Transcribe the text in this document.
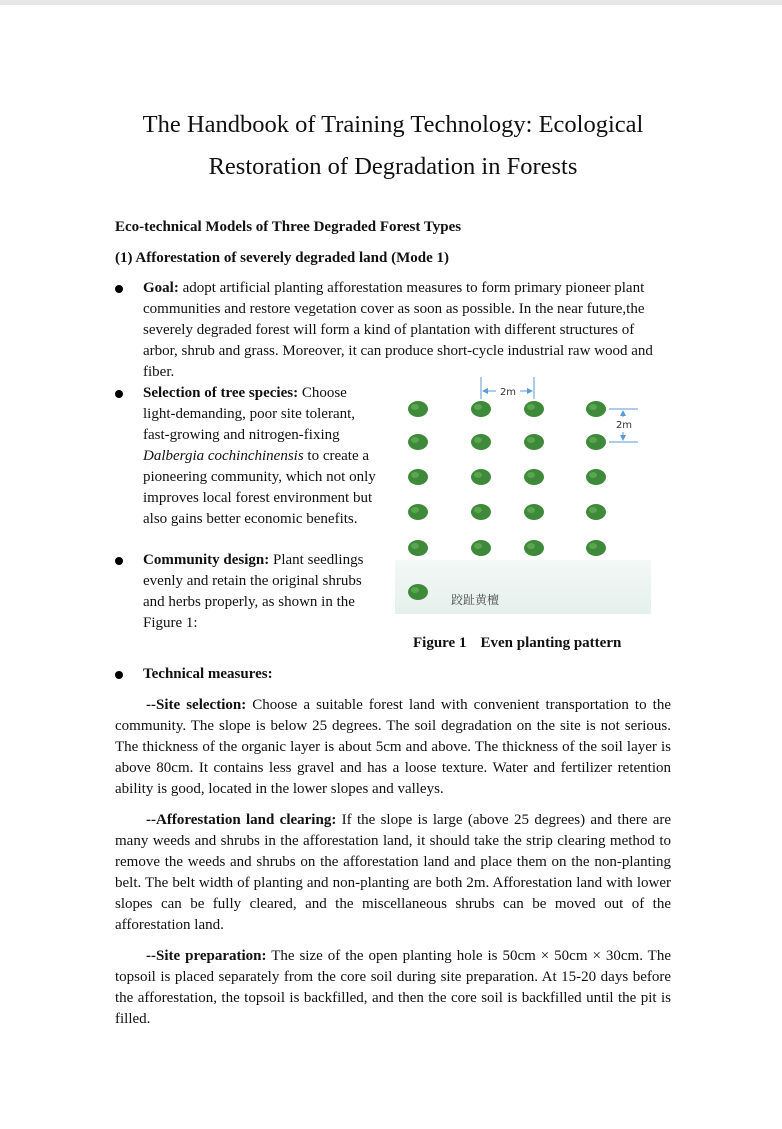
The Handbook of Training Technology: Ecological
Restoration of Degradation in Forests
Eco-technical Models of Three Degraded Forest Types
(1) Afforestation of severely degraded land (Mode 1)
Goal: adopt artificial planting afforestation measures to form primary pioneer plant communities and restore vegetation cover as soon as possible. In the near future,the severely degraded forest will form a kind of plantation with different structures of arbor, shrub and grass. Moreover, it can produce short-cycle industrial raw wood and fiber.
Selection of tree species: Choose light-demanding, poor site tolerant, fast-growing and nitrogen-fixing Dalbergia cochinchinensis to create a pioneering community, which not only improves local forest environment but also gains better economic benefits.
Community design: Plant seedlings evenly and retain the original shrubs and herbs properly, as shown in the Figure 1:
Technical measures:
--Site selection: Choose a suitable forest land with convenient transportation to the community. The slope is below 25 degrees. The soil degradation on the site is not serious. The thickness of the organic layer is about 5cm and above. The thickness of the soil layer is above 80cm. It contains less gravel and has a loose texture. Water and fertilizer retention ability is good, located in the lower slopes and valleys.
--Afforestation land clearing: If the slope is large (above 25 degrees) and there are many weeds and shrubs in the afforestation land, it should take the strip clearing method to remove the weeds and shrubs on the afforestation land and place them on the non-planting belt. The belt width of planting and non-planting are both 2m. Afforestation land with lower slopes can be fully cleared, and the miscellaneous shrubs can be moved out of the afforestation land.
--Site preparation: The size of the open planting hole is 50cm × 50cm × 30cm. The topsoil is placed separately from the core soil during site preparation. At 15-20 days before the afforestation, the topsoil is backfilled, and then the core soil is backfilled until the pit is filled.
2m
2m
跤趾黄檀
Figure 1 Even planting pattern
